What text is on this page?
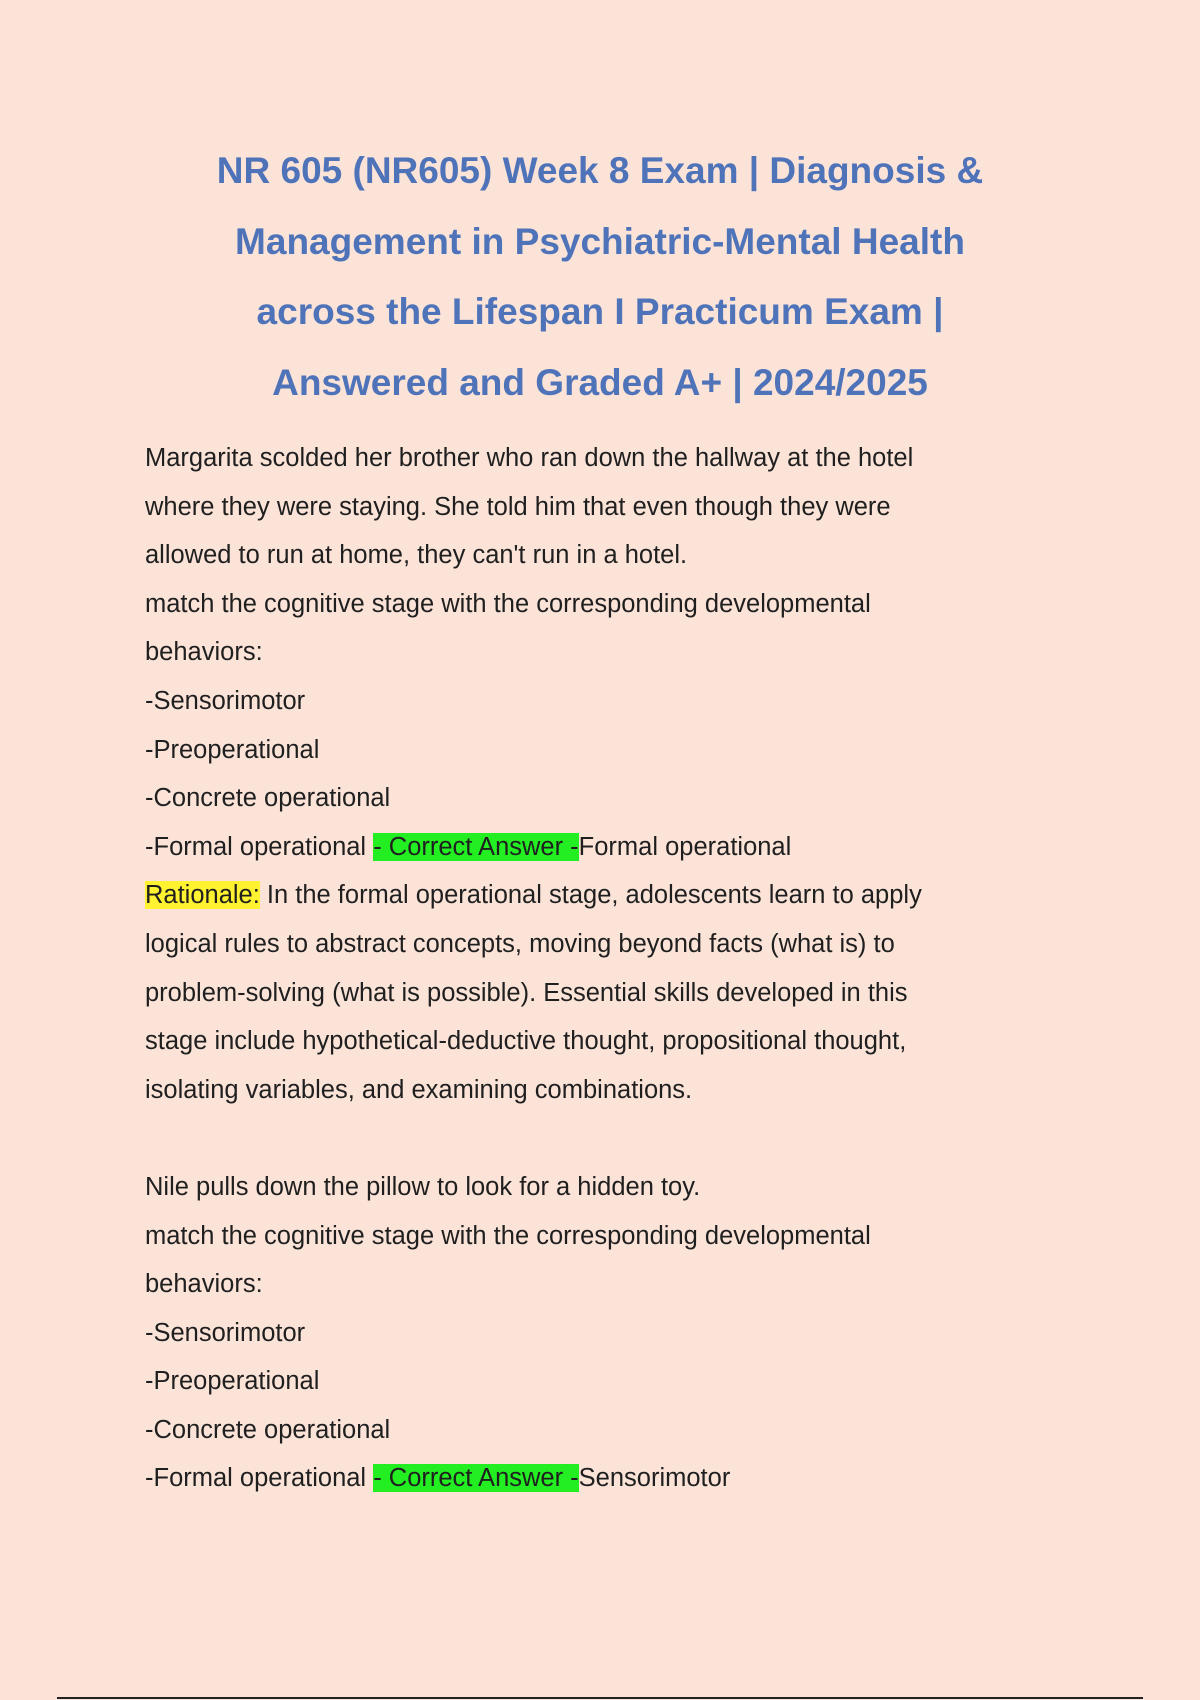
NR 605 (NR605) Week 8 Exam | Diagnosis &
Management in Psychiatric-Mental Health
across the Lifespan I Practicum Exam |
Answered and Graded A+ | 2024/2025
Margarita scolded her brother who ran down the hallway at the hotel
where they were staying. She told him that even though they were
allowed to run at home, they can't run in a hotel.
match the cognitive stage with the corresponding developmental
behaviors:
-Sensorimotor
-Preoperational
-Concrete operational
-Formal operational - Correct Answer -Formal operational
Rationale: In the formal operational stage, adolescents learn to apply
logical rules to abstract concepts, moving beyond facts (what is) to
problem-solving (what is possible). Essential skills developed in this
stage include hypothetical-deductive thought, propositional thought,
isolating variables, and examining combinations.
Nile pulls down the pillow to look for a hidden toy.
match the cognitive stage with the corresponding developmental
behaviors:
-Sensorimotor
-Preoperational
-Concrete operational
-Formal operational - Correct Answer -Sensorimotor
